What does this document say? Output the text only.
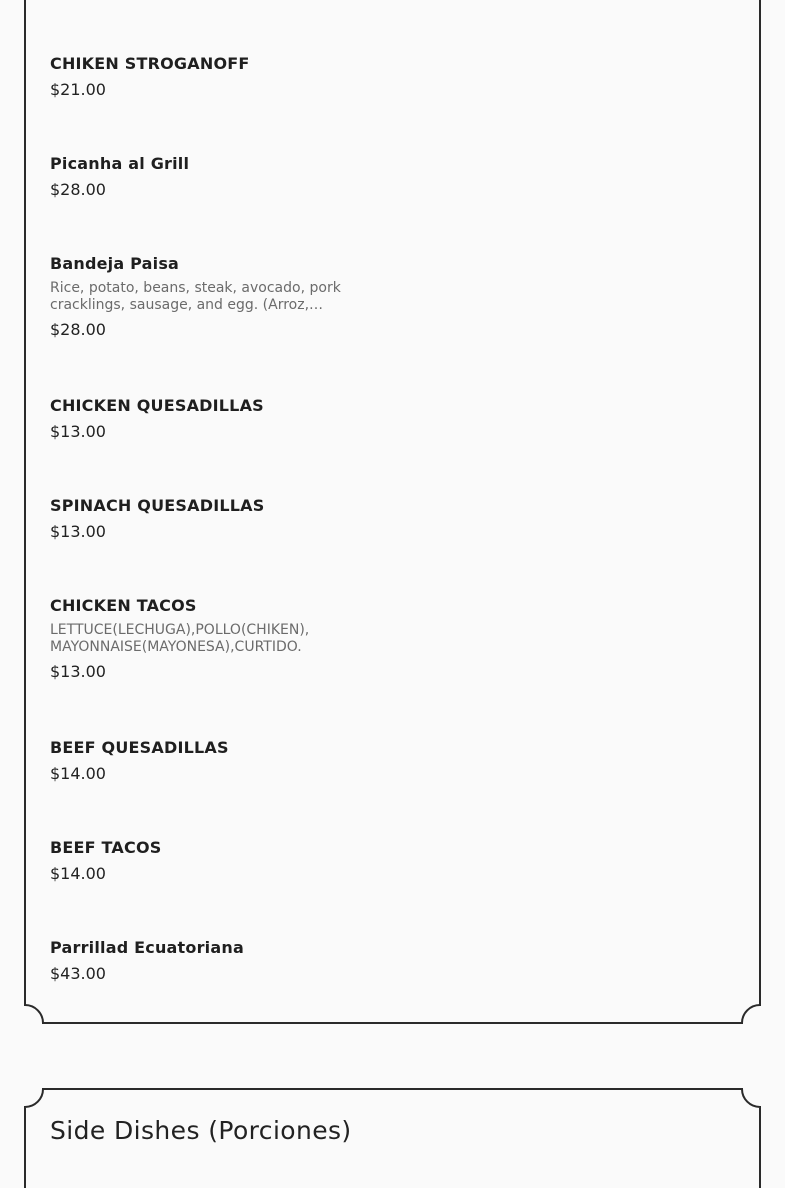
CHIKEN STROGANOFF

$21.00

Picanha al Grill

$28.00

Bandeja Paisa

Rice, potato, beans, steak, avocado, pork cracklings, sausage, and egg. (Arroz,

$28.00

CHICKEN QUESADILLAS

$13.00

SPINACH QUESADILLAS

$13.00

CHICKEN TACOS

LETTUCE(LECHUGA),POLLO(CHIKEN), MAYONNAISE(MAYONESA),CURTIDO.

$13.00

BEEF QUESADILLAS

$14.00

BEEF TACOS

$14.00

Parrillad Ecuatoriana

$43.00

Side Dishes (Porciones)
